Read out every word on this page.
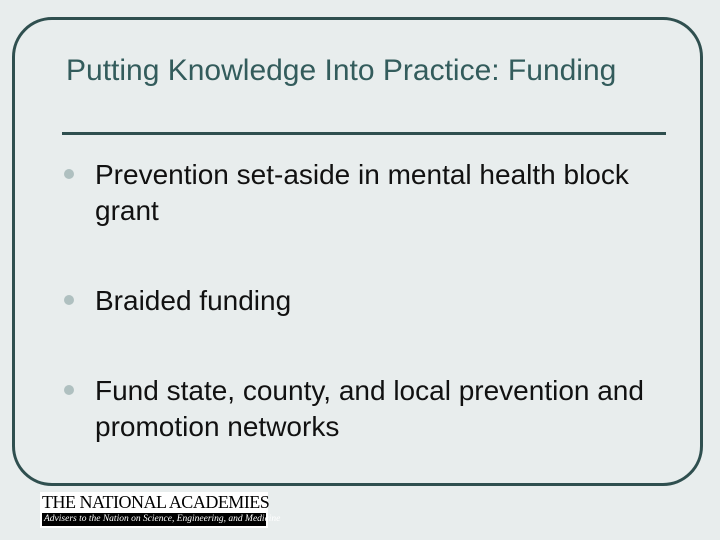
Putting Knowledge Into Practice: Funding
Prevention set-aside in mental health block grant
Braided funding
Fund state, county, and local prevention and promotion networks
THE NATIONAL ACADEMIES
Advisers to the Nation on Science, Engineering, and Medicine
